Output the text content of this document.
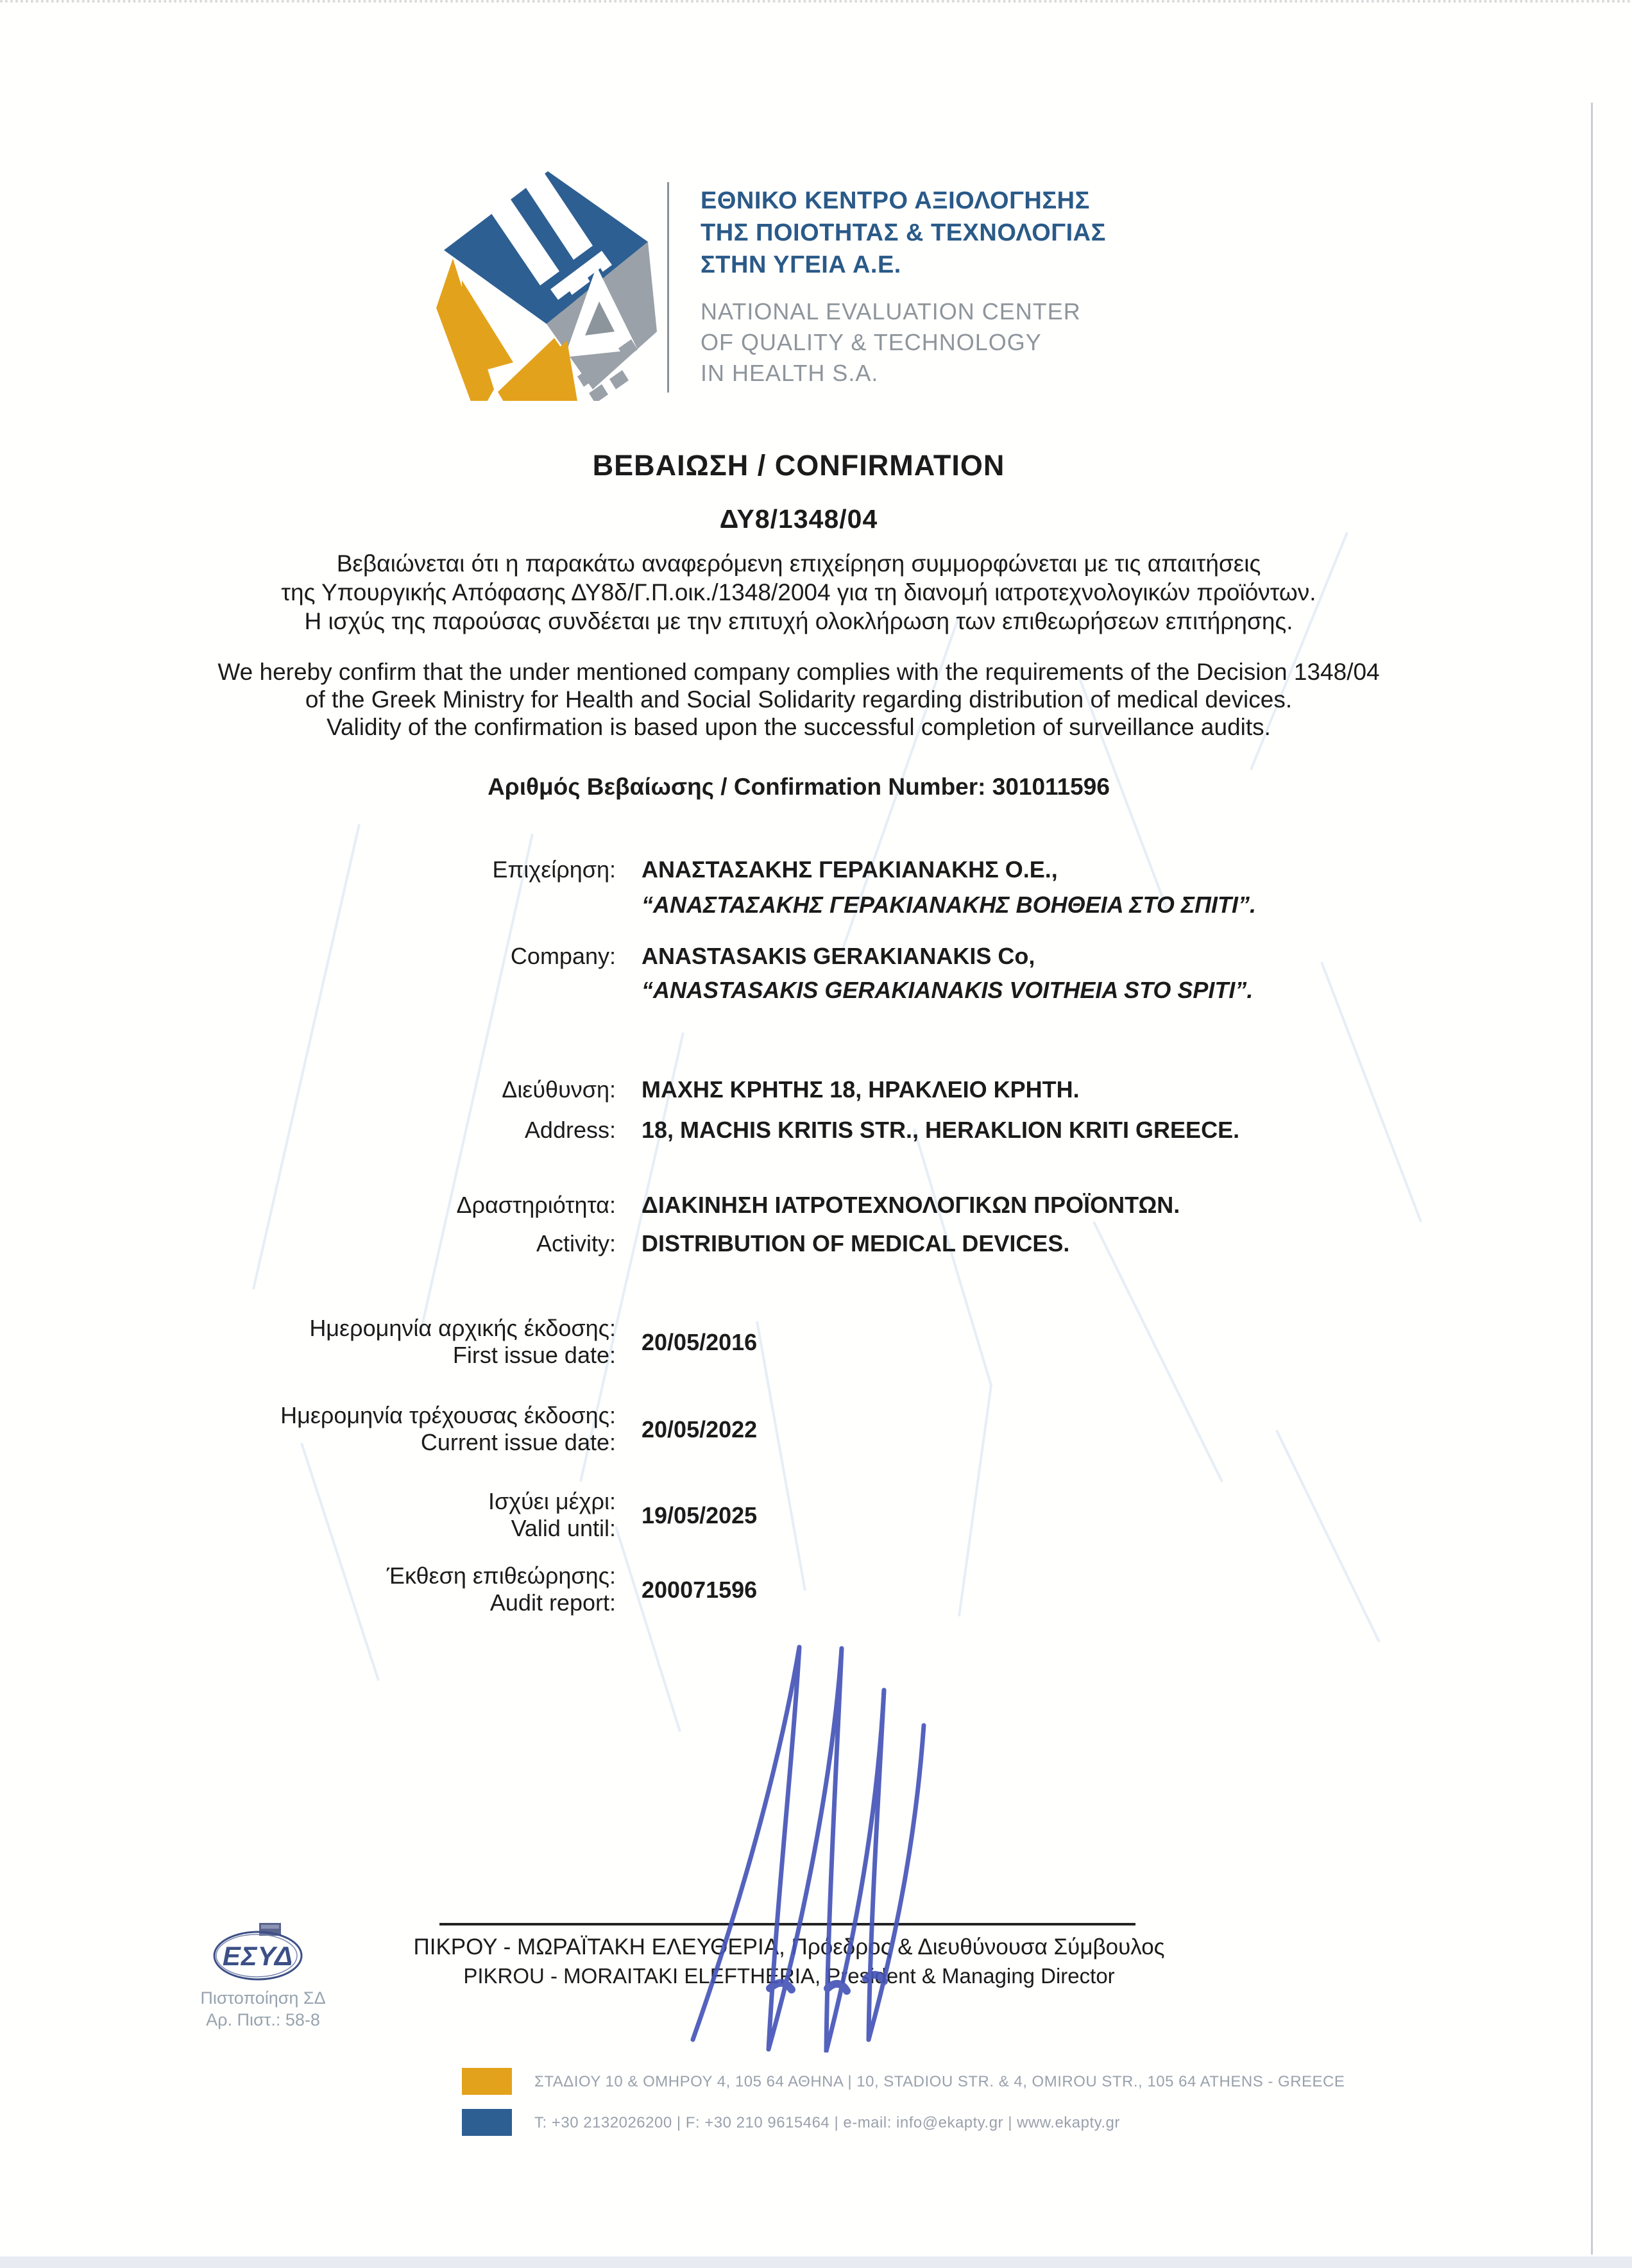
ΕΘΝΙΚΟ ΚΕΝΤΡΟ ΑΞΙΟΛΟΓΗΣΗΣ
ΤΗΣ ΠΟΙΟΤΗΤΑΣ & ΤΕΧΝΟΛΟΓΙΑΣ
ΣΤΗΝ ΥΓΕΙΑ Α.Ε.
NATIONAL EVALUATION CENTER
OF QUALITY & TECHNOLOGY
IN HEALTH S.A.
ΒΕΒΑΙΩΣΗ / CONFIRMATION
ΔΥ8/1348/04
Βεβαιώνεται ότι η παρακάτω αναφερόμενη επιχείρηση συμμορφώνεται με τις απαιτήσεις
της Υπουργικής Απόφασης ΔΥ8δ/Γ.Π.οικ./1348/2004 για τη διανομή ιατροτεχνολογικών προϊόντων.
Η ισχύς της παρούσας συνδέεται με την επιτυχή ολοκλήρωση των επιθεωρήσεων επιτήρησης.
We hereby confirm that the under mentioned company complies with the requirements of the Decision 1348/04
of the Greek Ministry for Health and Social Solidarity regarding distribution of medical devices.
Validity of the confirmation is based upon the successful completion of surveillance audits.
Αριθμός Βεβαίωσης / Confirmation Number: 301011596
Επιχείρηση: ΑΝΑΣΤΑΣΑΚΗΣ ΓΕΡΑΚΙΑΝΑΚΗΣ Ο.Ε.,
“ΑΝΑΣΤΑΣΑΚΗΣ ΓΕΡΑΚΙΑΝΑΚΗΣ ΒΟΗΘΕΙΑ ΣΤΟ ΣΠΙΤΙ”.
Company: ANASTASAKIS GERAKIANAKIS Co,
“ANASTASAKIS GERAKIANAKIS VOITHEIA STO SPITI”.
Διεύθυνση: ΜΑΧΗΣ ΚΡΗΤΗΣ 18, ΗΡΑΚΛΕΙΟ ΚΡΗΤΗ.
Address: 18, MACHIS KRITIS STR., HERAKLION KRITI GREECE.
Δραστηριότητα: ΔΙΑΚΙΝΗΣΗ ΙΑΤΡΟΤΕΧΝΟΛΟΓΙΚΩΝ ΠΡΟΪΟΝΤΩΝ.
Activity: DISTRIBUTION OF MEDICAL DEVICES.
Ημερομηνία αρχικής έκδοσης:
First issue date: 20/05/2016
Ημερομηνία τρέχουσας έκδοσης:
Current issue date: 20/05/2022
Ισχύει μέχρι:
Valid until: 19/05/2025
Έκθεση επιθεώρησης:
Audit report: 200071596
ΠΙΚΡΟΥ - ΜΩΡΑΪΤΑΚΗ ΕΛΕΥΘΕΡΙΑ, Πρόεδρος & Διευθύνουσα Σύμβουλος
PIKROU - MORAITAKI ELEFTHERIA, President & Managing Director
ΕΣΥΔ
Πιστοποίηση ΣΔ
Αρ. Πιστ.: 58-8
ΣΤΑΔΙΟΥ 10 & ΟΜΗΡΟΥ 4, 105 64 ΑΘΗΝΑ | 10, STADIOU STR. & 4, OMIROU STR., 105 64 ATHENS - GREECE
T: +30 2132026200 | F: +30 210 9615464 | e-mail: info@ekapty.gr | www.ekapty.gr
